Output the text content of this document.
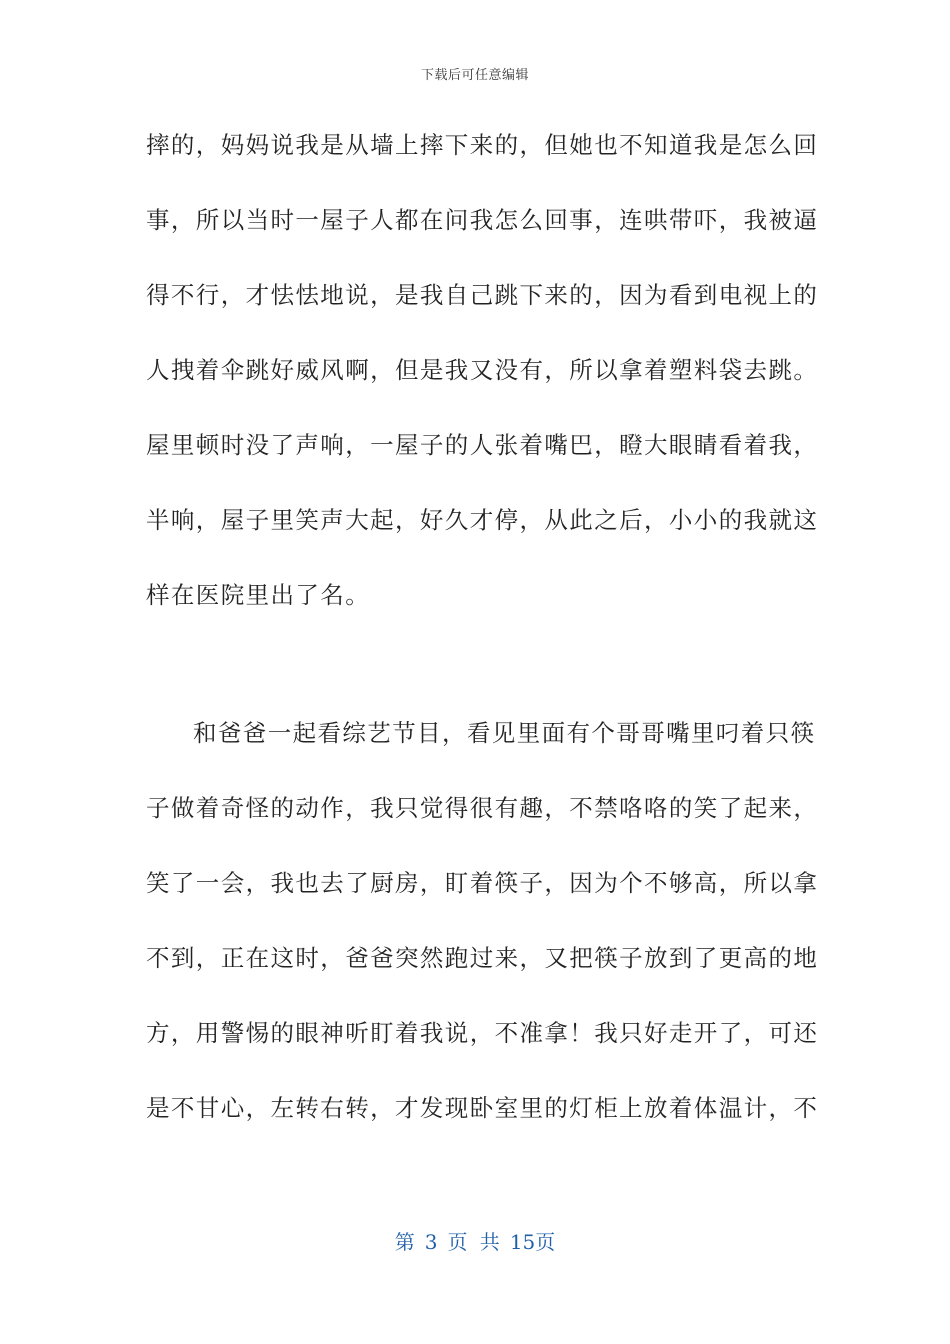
下载后可任意编辑
摔的，妈妈说我是从墙上摔下来的，但她也不知道我是怎么回
事，所以当时一屋子人都在问我怎么回事，连哄带吓，我被逼
得不行，才怯怯地说，是我自己跳下来的，因为看到电视上的
人拽着伞跳好威风啊，但是我又没有，所以拿着塑料袋去跳。
屋里顿时没了声响，一屋子的人张着嘴巴，瞪大眼睛看着我，
半响，屋子里笑声大起，好久才停，从此之后，小小的我就这
样在医院里出了名。
和爸爸一起看综艺节目，看见里面有个哥哥嘴里叼着只筷
子做着奇怪的动作，我只觉得很有趣，不禁咯咯的笑了起来，
笑了一会，我也去了厨房，盯着筷子，因为个不够高，所以拿
不到，正在这时，爸爸突然跑过来，又把筷子放到了更高的地
方，用警惕的眼神听盯着我说，不准拿！我只好走开了，可还
是不甘心，左转右转，才发现卧室里的灯柜上放着体温计，不
第 3 页 共 15页
